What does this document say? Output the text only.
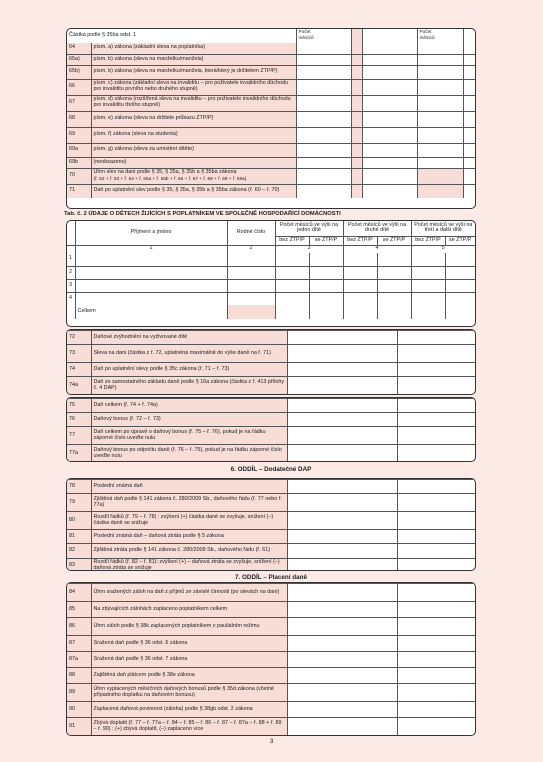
Částka podle § 35ba odst. 1		Počet
měsíců			Počet
měsíců	
64	písm. a) zákona (základní sleva na poplatníka)					
65a)	písm. b) zákona (sleva na manželku/manžela)					
65b)	písm. b) zákona (sleva na manželku/manžela, která/který je držitelem ZTP/P)					
66	písm. c) zákona (základní sleva na invaliditu – pro poživatele invalidního důchodu pro invaliditu prvního nebo druhého stupně)					
67	písm. d) zákona (rozšířená sleva na invaliditu – pro poživatele invalidního důchodu pro invaliditu třetího stupně)					
68	písm. e) zákona (sleva na držitele průkazu ZTP/P)					
69	písm. f) zákona (sleva na studenta)					
69a	písm. g) zákona (sleva za umístění dítěte)					
69b	(neobsazeno)					
70	Úhrn slev na dani podle § 35, § 35a, § 35b a § 35ba zákona
(ř. 62 + ř. 63 + ř. 64 + ř. 65a + ř. 65b + ř. 66 + ř. 67 + ř. 68 + ř. 69 + ř. 69a)					
71	Daň po uplatnění slev podle § 35, § 35a, § 35b a § 35ba zákona (ř. 60 – ř. 70)					
Tab. č. 2 ÚDAJE O DĚTECH ŽIJÍCÍCH S POPLATNÍKEM VE SPOLEČNĚ HOSPODAŘÍCÍ DOMÁCNOSTI
	Příjmení a jméno	Rodné číslo	Počet měsíců ve výši na jedno dítě		Počet měsíců ve výši na druhé dítě		Počet měsíců ve výši na třetí a další dítě	
			bez ZTP/P	se ZTP/P	bez ZTP/P	se ZTP/P	bez ZTP/P	se ZTP/P
	1	2	3		4		5	
1								
2								
3								
4								
	Celkem							
72	Daňové zvýhodnění na vyživované dítě		
73	Sleva na dani (částka z ř. 72, uplatněná maximálně do výše daně na ř. 71)		
74	Daň po uplatnění slevy podle § 35c zákona (ř. 71 – ř. 73)		
74a	Daň ze samostatného základu daně podle § 16a zákona (částka z ř. 413 přílohy č. 4 DAP)		
75	Daň celkem (ř. 74 + ř. 74a)		
76	Daňový bonus (ř. 72 – ř. 73)		
77	Daň celkem po úpravě o daňový bonus (ř. 75 – ř. 76), pokud je na řádku záporné číslo uveďte nulu		
77a	Daňový bonus po odpočtu daně (ř. 76 – ř. 75), pokud je na řádku záporné číslo uveďte nulu		
6. ODDÍL – Dodatečné DAP
78	Poslední známá daň		
79	Zjištěná daň podle § 141 zákona č. 280/2009 Sb., daňového řádu (ř. 77 nebo ř. 77a)		
80	Rozdíl řádků (ř. 79 – ř. 78) : zvýšení (+) částka daně se zvyšuje, snížení (–) částka daně se snižuje		
81	Poslední známá daň – daňová ztráta podle § 5 zákona		
82	Zjištěná ztráta podle § 141 zákona č. 280/2009 Sb., daňového řádu (ř. 61)		
83	Rozdíl řádků (ř. 82 – ř. 81): zvýšení (+) – daňová ztráta se zvyšuje, snížení (–) daňová ztráta se snižuje		
7. ODDÍL – Placení daně
84	Úhrn sražených záloh na daň z příjmů ze závislé činnosti (po slevách na dani)		
85	Na zbývajících zálohách zaplaceno poplatníkem celkem		
86	Úhrn záloh podle § 38k zaplacených poplatníkem v paušálním režimu		
87	Sražená daň podle § 36 odst. 6 zákona		
87a	Sražená daň podle § 36 odst. 7 zákona		
88	Zajištěná daň plátcem podle § 38e zákona		
89	Úhrn vyplacených měsíčních daňových bonusů podle § 35d zákona (včetně případného doplatku na daňovém bonusu)		
90	Zaplacená daňová povinnost (záloha) podle § 38gb odst. 2 zákona		
91	Zbývá doplatit (ř. 77 – ř. 77a – ř. 84 – ř. 85 – ř. 86 – ř. 87 – ř. 87a – ř. 88 + ř. 89 – ř. 90) ; (+) zbývá doplatit, (–) zaplaceno více		
3
